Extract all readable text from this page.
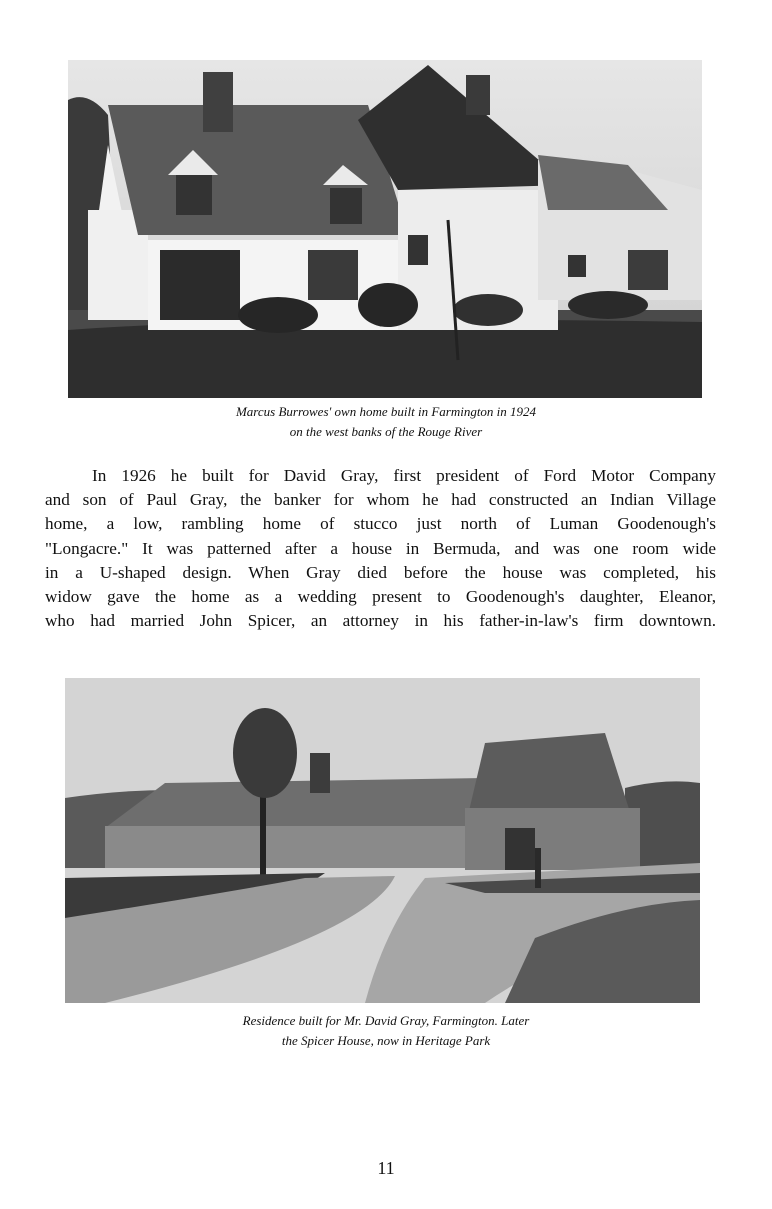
Marcus Burrowes' own home built in Farmington in 1924
on the west banks of the Rouge River

In 1926 he built for David Gray, first president of Ford Motor Company
and son of Paul Gray, the banker for whom he had constructed an Indian Village
home, a low, rambling home of stucco just north of Luman Goodenough's
"Longacre." It was patterned after a house in Bermuda, and was one room wide
in a U-shaped design. When Gray died before the house was completed, his
widow gave the home as a wedding present to Goodenough's daughter, Eleanor,
who had married John Spicer, an attorney in his father-in-law's firm downtown.

Residence built for Mr. David Gray, Farmington. Later
the Spicer House, now in Heritage Park
11
